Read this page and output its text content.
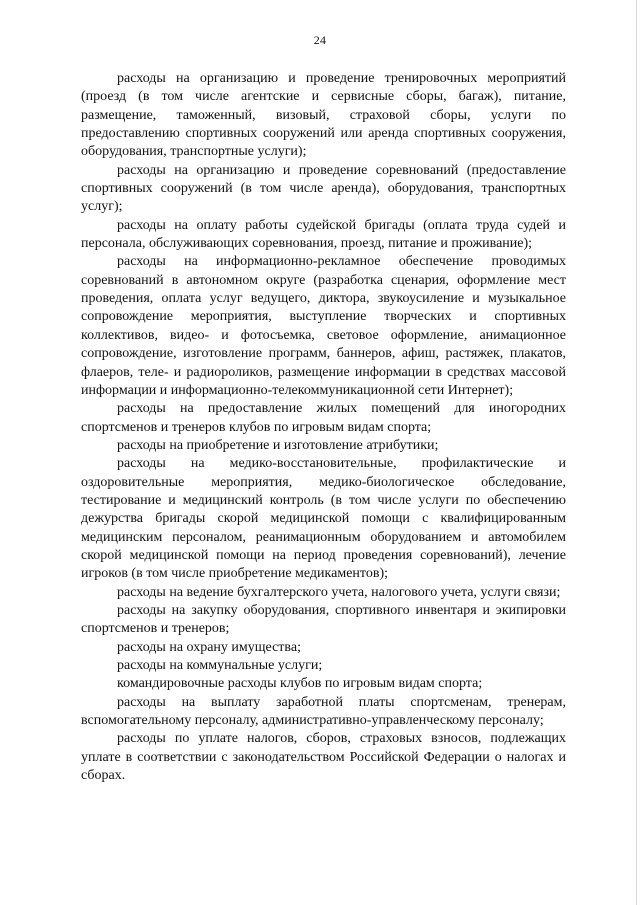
24

расходы на организацию и проведение тренировочных мероприятий (проезд (в том числе агентские и сервисные сборы, багаж), питание, размещение, таможенный, визовый, страховой сборы, услуги по предоставлению спортивных сооружений или аренда спортивных сооружения, оборудования, транспортные услуги);

расходы на организацию и проведение соревнований (предоставление спортивных сооружений (в том числе аренда), оборудования, транспортных услуг);

расходы на оплату работы судейской бригады (оплата труда судей и персонала, обслуживающих соревнования, проезд, питание и проживание);

расходы на информационно-рекламное обеспечение проводимых соревнований в автономном округе (разработка сценария, оформление мест проведения, оплата услуг ведущего, диктора, звукоусиление и музыкальное сопровождение мероприятия, выступление творческих и спортивных коллективов, видео- и фотосъемка, световое оформление, анимационное сопровождение, изготовление программ, баннеров, афиш, растяжек, плакатов, флаеров, теле- и радиороликов, размещение информации в средствах массовой информации и информационно-телекоммуникационной сети Интернет);

расходы на предоставление жилых помещений для иногородних спортсменов и тренеров клубов по игровым видам спорта;

расходы на приобретение и изготовление атрибутики;

расходы на медико-восстановительные, профилактические и оздоровительные мероприятия, медико-биологическое обследование, тестирование и медицинский контроль (в том числе услуги по обеспечению дежурства бригады скорой медицинской помощи с квалифицированным медицинским персоналом, реанимационным оборудованием и автомобилем скорой медицинской помощи на период проведения соревнований), лечение игроков (в том числе приобретение медикаментов);

расходы на ведение бухгалтерского учета, налогового учета, услуги связи;

расходы на закупку оборудования, спортивного инвентаря и экипировки спортсменов и тренеров;

расходы на охрану имущества;

расходы на коммунальные услуги;

командировочные расходы клубов по игровым видам спорта;

расходы на выплату заработной платы спортсменам, тренерам, вспомогательному персоналу, административно-управленческому персоналу;

расходы по уплате налогов, сборов, страховых взносов, подлежащих уплате в соответствии с законодательством Российской Федерации о налогах и сборах.
